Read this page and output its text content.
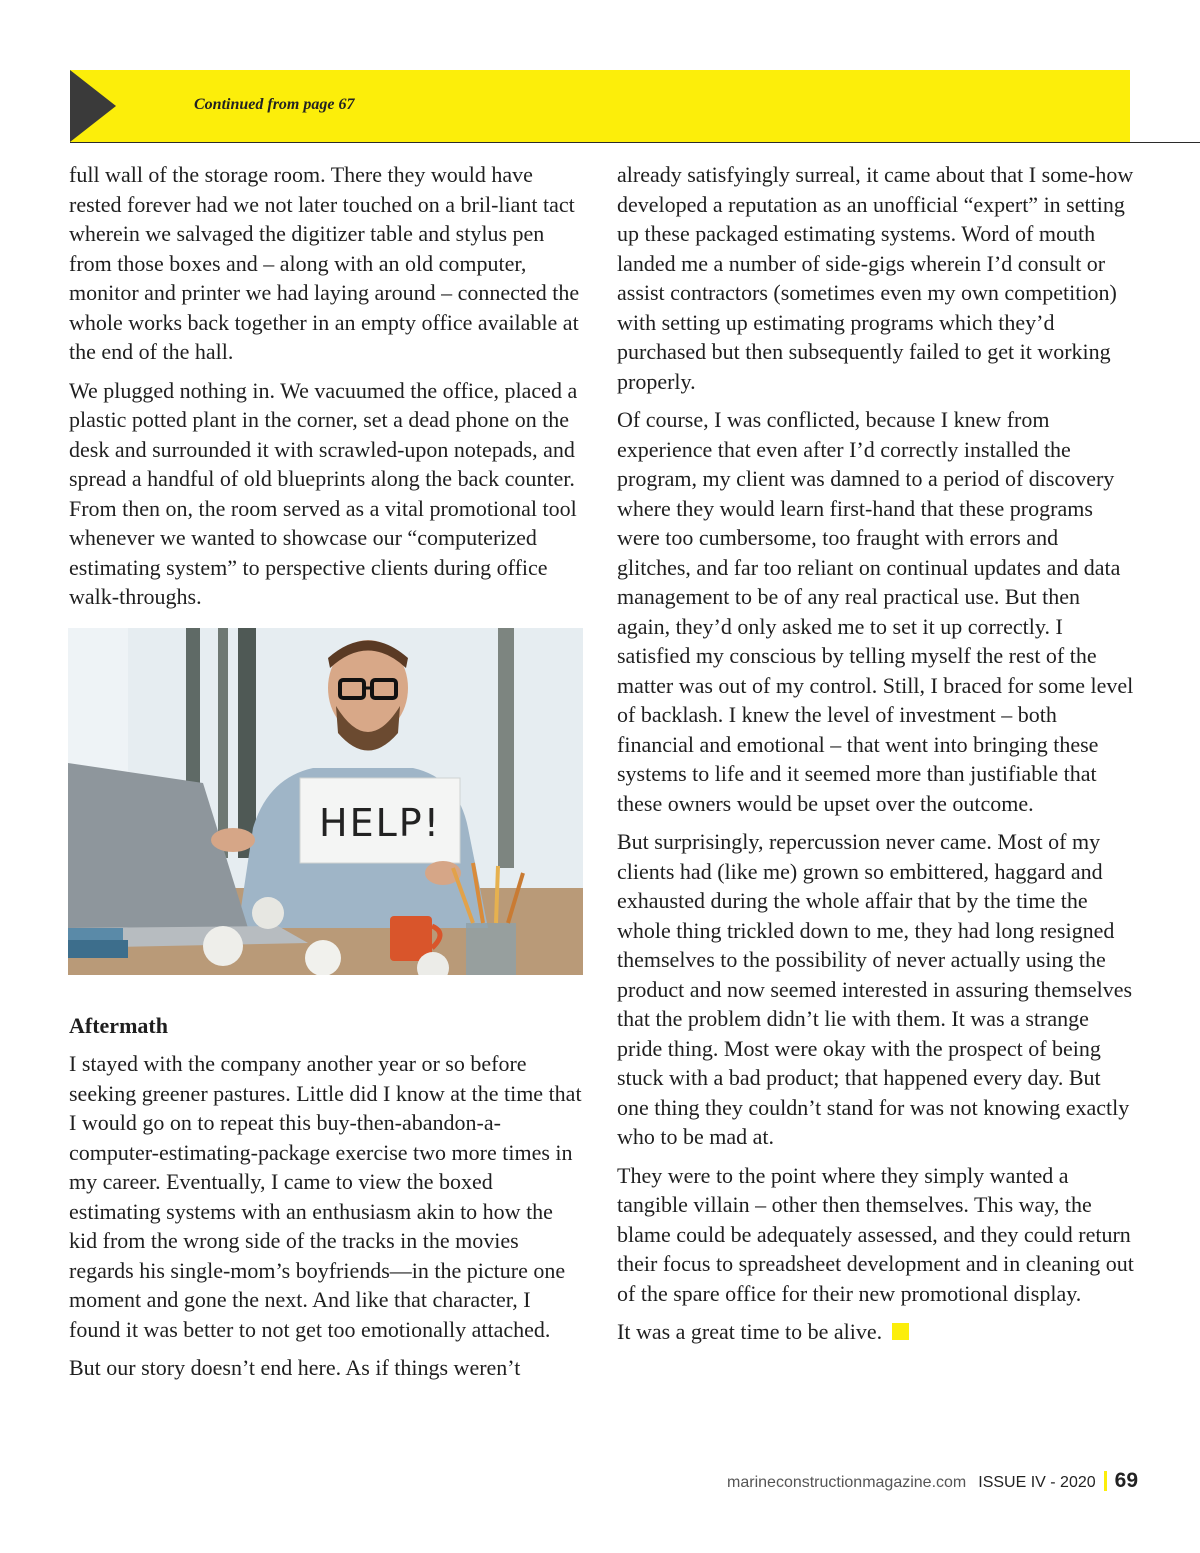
Continued from page 67

full wall of the storage room. There they would have rested forever had we not later touched on a bril-liant tact wherein we salvaged the digitizer table and stylus pen from those boxes and – along with an old computer, monitor and printer we had laying around – connected the whole works back together in an empty office available at the end of the hall.

We plugged nothing in. We vacuumed the office, placed a plastic potted plant in the corner, set a dead phone on the desk and surrounded it with scrawled-upon notepads, and spread a handful of old blueprints along the back counter. From then on, the room served as a vital promotional tool whenever we wanted to showcase our “computerized estimating system” to perspective clients during office walk-throughs.

HELP!

Aftermath

I stayed with the company another year or so before seeking greener pastures. Little did I know at the time that I would go on to repeat this buy-then-abandon-a-computer-estimating-package exercise two more times in my career. Eventually, I came to view the boxed estimating systems with an enthusiasm akin to how the kid from the wrong side of the tracks in the movies regards his single-mom’s boyfriends—in the picture one moment and gone the next. And like that character, I found it was better to not get too emotionally attached.

But our story doesn’t end here. As if things weren’t

already satisfyingly surreal, it came about that I some-how developed a reputation as an unofficial “expert” in setting up these packaged estimating systems. Word of mouth landed me a number of side-gigs wherein I’d consult or assist contractors (sometimes even my own competition) with setting up estimating programs which they’d purchased but then subsequently failed to get it working properly.

Of course, I was conflicted, because I knew from experience that even after I’d correctly installed the program, my client was damned to a period of discovery where they would learn first-hand that these programs were too cumbersome, too fraught with errors and glitches, and far too reliant on continual updates and data management to be of any real practical use. But then again, they’d only asked me to set it up correctly. I satisfied my conscious by telling myself the rest of the matter was out of my control. Still, I braced for some level of backlash. I knew the level of investment – both financial and emotional – that went into bringing these systems to life and it seemed more than justifiable that these owners would be upset over the outcome.

But surprisingly, repercussion never came. Most of my clients had (like me) grown so embittered, haggard and exhausted during the whole affair that by the time the whole thing trickled down to me, they had long resigned themselves to the possibility of never actually using the product and now seemed interested in assuring themselves that the problem didn’t lie with them. It was a strange pride thing. Most were okay with the prospect of being stuck with a bad product; that happened every day. But one thing they couldn’t stand for was not knowing exactly who to be mad at.

They were to the point where they simply wanted a tangible villain – other then themselves. This way, the blame could be adequately assessed, and they could return their focus to spreadsheet development and in cleaning out of the spare office for their new promotional display.

It was a great time to be alive.

marineconstructionmagazine.com ISSUE IV - 2020 69
